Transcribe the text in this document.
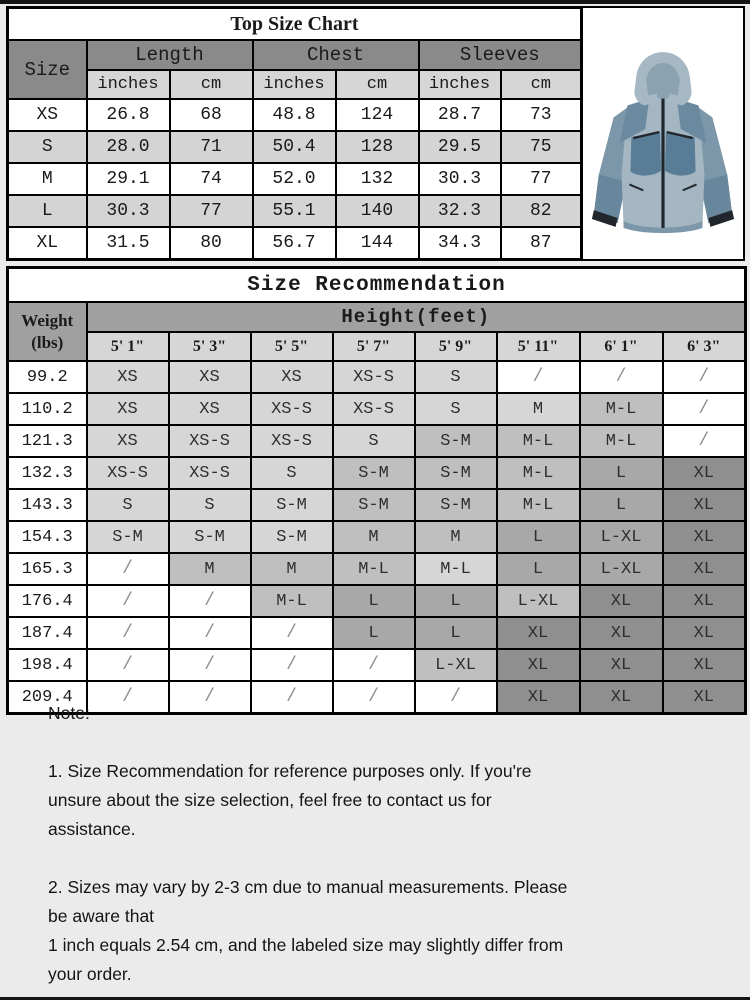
Top Size Chart						
Size	Length		Chest		Sleeves	
	inches	cm	inches	cm	inches	cm
XS	26.8	68	48.8	124	28.7	73
S	28.0	71	50.4	128	29.5	75
M	29.1	74	52.0	132	30.3	77
L	30.3	77	55.1	140	32.3	82
XL	31.5	80	56.7	144	34.3	87
Size Recommendation								
Weight
(lbs)	Height(feet)							
	5' 1"	5' 3"	5' 5"	5' 7"	5' 9"	5' 11"	6' 1"	6' 3"
99.2	XS	XS	XS	XS-S	S	/	/	/
110.2	XS	XS	XS-S	XS-S	S	M	M-L	/
121.3	XS	XS-S	XS-S	S	S-M	M-L	M-L	/
132.3	XS-S	XS-S	S	S-M	S-M	M-L	L	XL
143.3	S	S	S-M	S-M	S-M	M-L	L	XL
154.3	S-M	S-M	S-M	M	M	L	L-XL	XL
165.3	/	M	M	M-L	M-L	L	L-XL	XL
176.4	/	/	M-L	L	L	L-XL	XL	XL
187.4	/	/	/	L	L	XL	XL	XL
198.4	/	/	/	/	L-XL	XL	XL	XL
209.4	/	/	/	/	/	XL	XL	XL
Note:

1. Size Recommendation for reference purposes only. If you're
unsure about the size selection, feel free to contact us for
assistance.

2. Sizes may vary by 2-3 cm due to manual measurements. Please
be aware that
1 inch equals 2.54 cm, and the labeled size may slightly differ from
your order.
